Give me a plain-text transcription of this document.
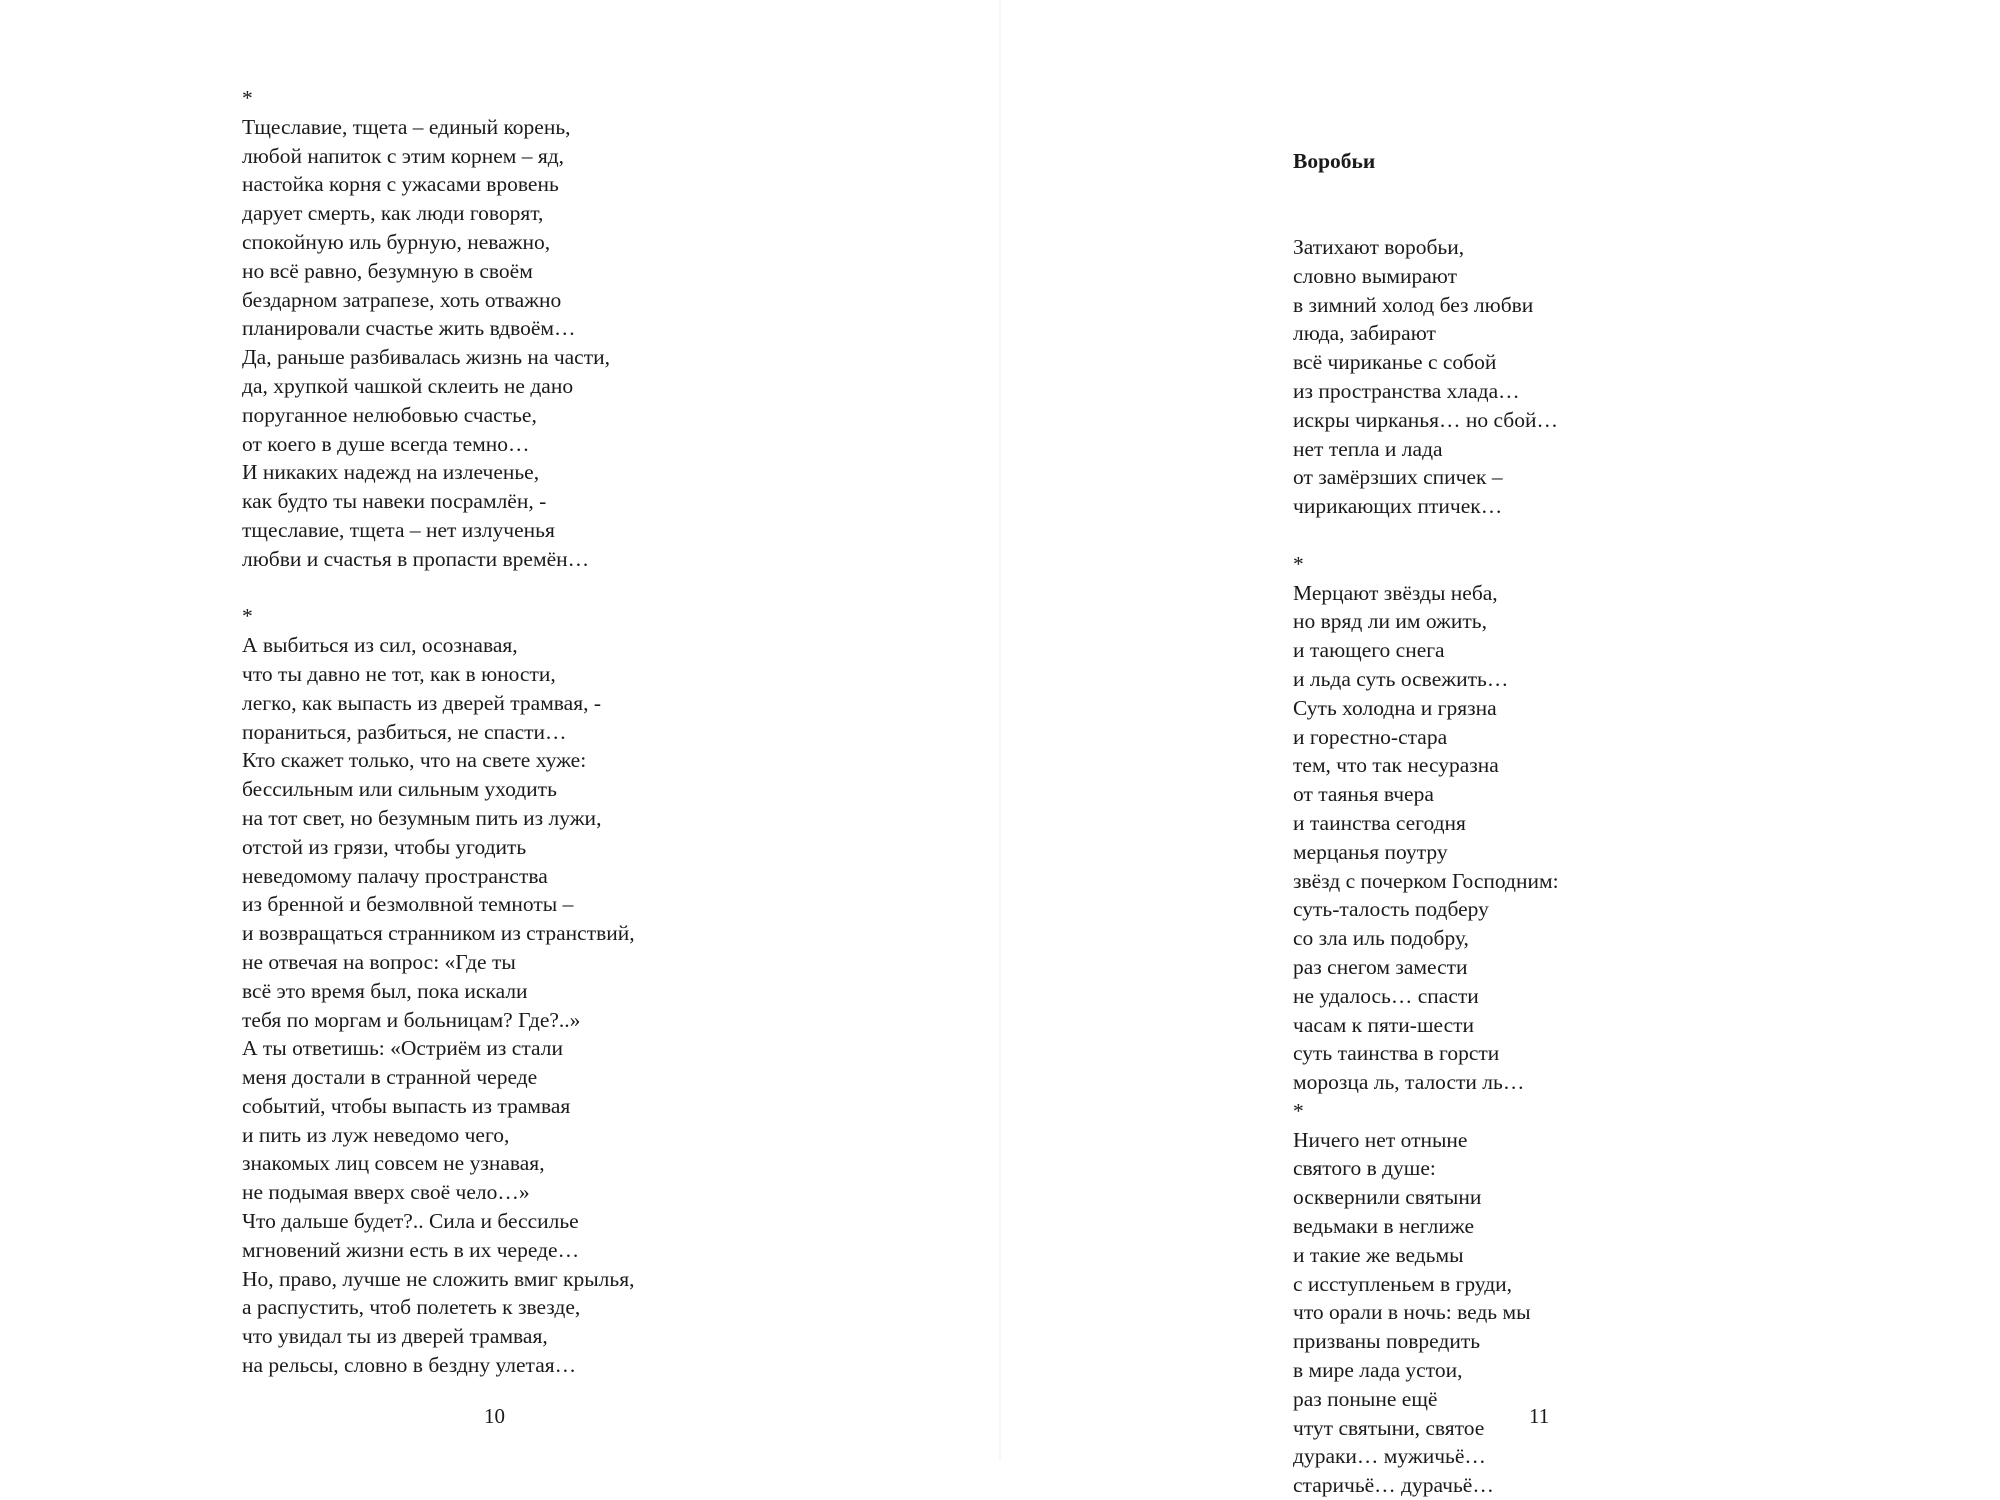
*
Тщеславие, тщета – единый корень,
любой напиток с этим корнем – яд,
настойка корня с ужасами вровень
дарует смерть, как люди говорят,
спокойную иль бурную, неважно,
но всё равно, безумную в своём
бездарном затрапезе, хоть отважно
планировали счастье жить вдвоём…
Да, раньше разбивалась жизнь на части,
да, хрупкой чашкой склеить не дано
поруганное нелюбовью счастье,
от коего в душе всегда темно…
И никаких надежд на излеченье,
как будто ты навеки посрамлён, -
тщеславие, тщета – нет излученья
любви и счастья в пропасти времён…
*
А выбиться из сил, осознавая,
что ты давно не тот, как в юности,
легко, как выпасть из дверей трамвая, -
пораниться, разбиться, не спасти…
Кто скажет только, что на свете хуже:
бессильным или сильным уходить
на тот свет, но безумным пить из лужи,
отстой из грязи, чтобы угодить
неведомому палачу пространства
из бренной и безмолвной темноты –
и возвращаться странником из странствий,
не отвечая на вопрос: «Где ты
всё это время был, пока искали
тебя по моргам и больницам? Где?..»
А ты ответишь: «Остриём из стали
меня достали в странной череде
событий, чтобы выпасть из трамвая
и пить из луж неведомо чего,
знакомых лиц совсем не узнавая,
не подымая вверх своё чело…»
Что дальше будет?.. Сила и бессилье
мгновений жизни есть в их череде…
Но, право, лучше не сложить вмиг крылья,
а распустить, чтоб полететь к звезде,
что увидал ты из дверей трамвая,
на рельсы, словно в бездну улетая…
10

Воробьи

Затихают воробьи,
словно вымирают
в зимний холод без любви
люда, забирают
всё чириканье с собой
из пространства хлада…
искры чирканья… но сбой…
нет тепла и лада
от замёрзших спичек –
чирикающих птичек…
*
Мерцают звёзды неба,
но вряд ли им ожить,
и тающего снега
и льда суть освежить…
Суть холодна и грязна
и горестно-стара
тем, что так несуразна
от таянья вчера
и таинства сегодня
мерцанья поутру
звёзд с почерком Господним:
суть-талость подберу
со зла иль подобру,
раз снегом замести
не удалось… спасти
часам к пяти-шести
суть таинства в горсти
морозца ль, талости ль…
*
Ничего нет отныне
святого в душе:
осквернили святыни
ведьмаки в неглиже
и такие же ведьмы
с исступленьем в груди,
что орали в ночь: ведь мы
призваны повредить
в мире лада устои,
раз поныне ещё
чтут святыни, святое
дураки… мужичьё…
старичьё… дурачьё…
11
